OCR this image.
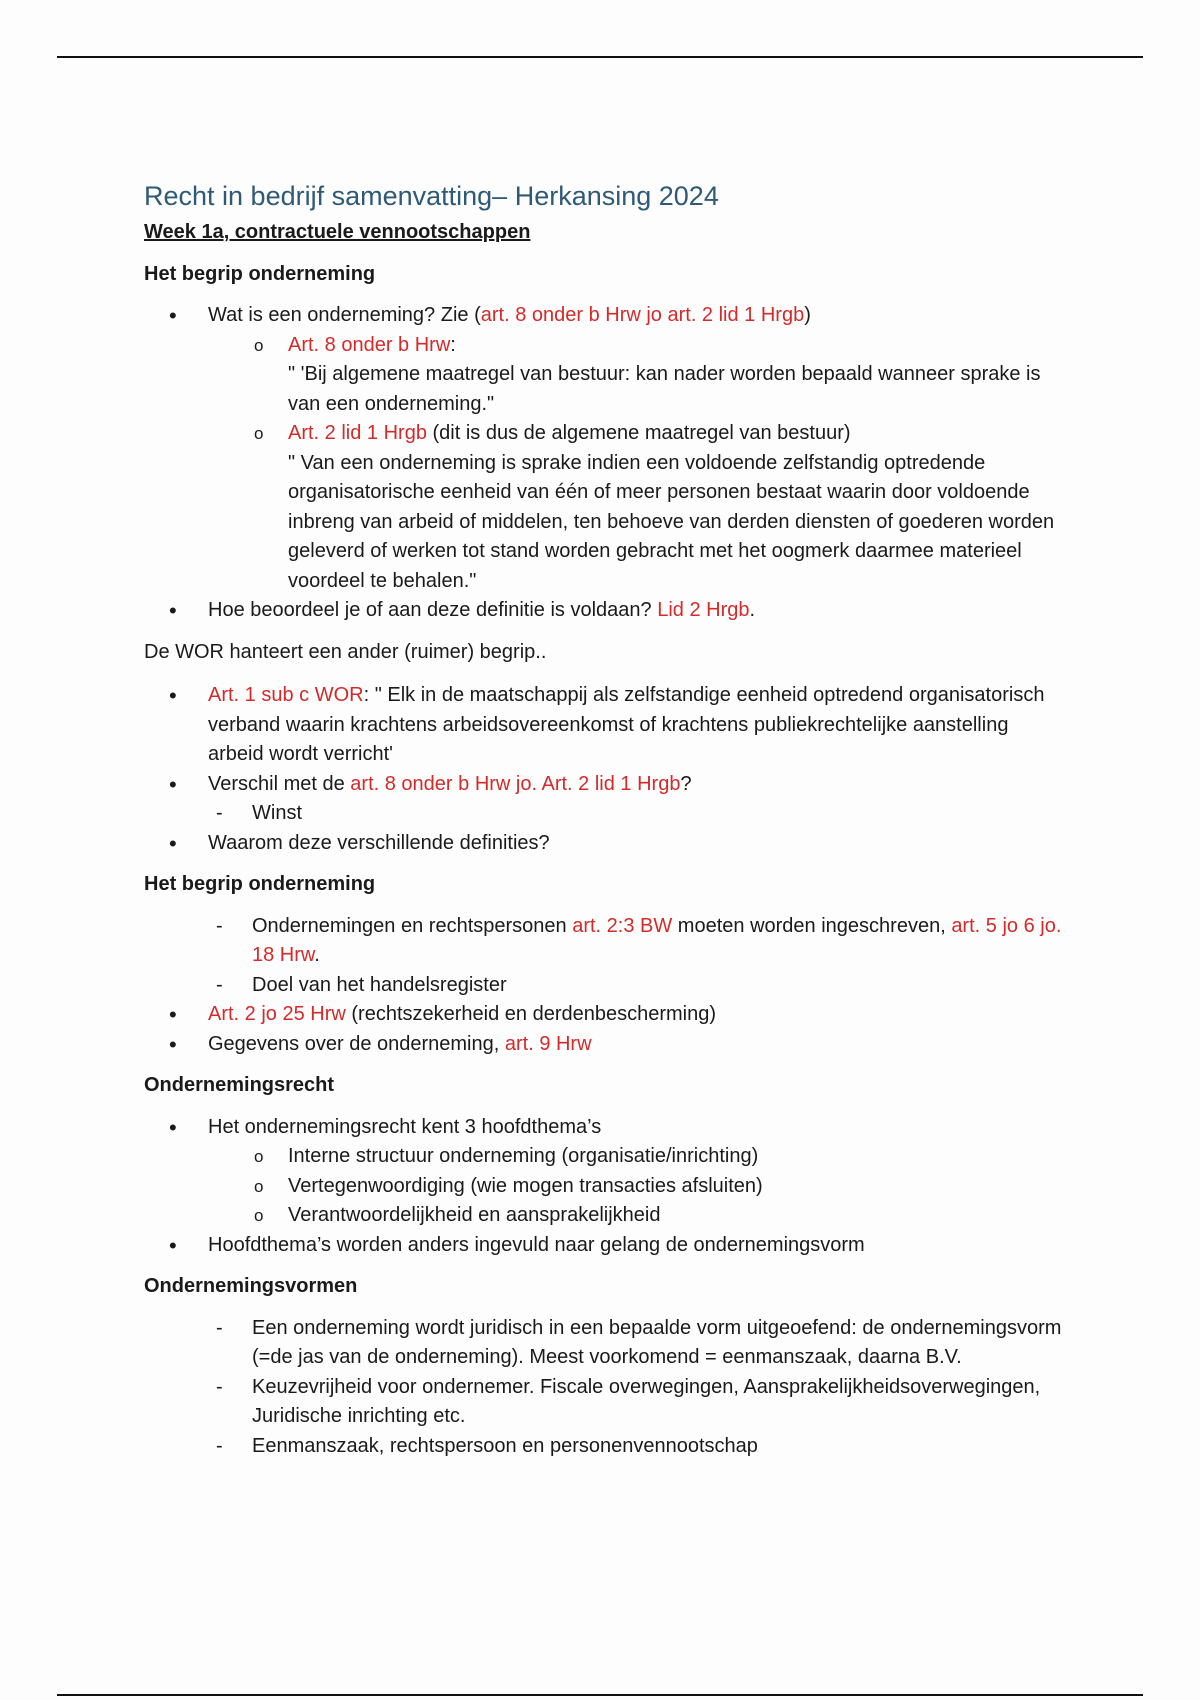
Recht in bedrijf samenvatting– Herkansing 2024
Week 1a, contractuele vennootschappen
Het begrip onderneming
• Wat is een onderneming? Zie (art. 8 onder b Hrw jo art. 2 lid 1 Hrgb)
o Art. 8 onder b Hrw:
" 'Bij algemene maatregel van bestuur: kan nader worden bepaald wanneer sprake is van een onderneming."
o Art. 2 lid 1 Hrgb (dit is dus de algemene maatregel van bestuur)
" Van een onderneming is sprake indien een voldoende zelfstandig optredende organisatorische eenheid van één of meer personen bestaat waarin door voldoende inbreng van arbeid of middelen, ten behoeve van derden diensten of goederen worden geleverd of werken tot stand worden gebracht met het oogmerk daarmee materieel voordeel te behalen."
• Hoe beoordeel je of aan deze definitie is voldaan? Lid 2 Hrgb.

De WOR hanteert een ander (ruimer) begrip..

• Art. 1 sub c WOR: " Elk in de maatschappij als zelfstandige eenheid optredend organisatorisch verband waarin krachtens arbeidsovereenkomst of krachtens publiekrechtelijke aanstelling arbeid wordt verricht'
• Verschil met de art. 8 onder b Hrw jo. Art. 2 lid 1 Hrgb?
- Winst
• Waarom deze verschillende definities?
Het begrip onderneming
- Ondernemingen en rechtspersonen art. 2:3 BW moeten worden ingeschreven, art. 5 jo 6 jo. 18 Hrw.
- Doel van het handelsregister
• Art. 2 jo 25 Hrw (rechtszekerheid en derdenbescherming)
• Gegevens over de onderneming, art. 9 Hrw
Ondernemingsrecht
• Het ondernemingsrecht kent 3 hoofdthema’s
o Interne structuur onderneming (organisatie/inrichting)
o Vertegenwoordiging (wie mogen transacties afsluiten)
o Verantwoordelijkheid en aansprakelijkheid
• Hoofdthema’s worden anders ingevuld naar gelang de ondernemingsvorm
Ondernemingsvormen
- Een onderneming wordt juridisch in een bepaalde vorm uitgeoefend: de ondernemingsvorm (=de jas van de onderneming). Meest voorkomend = eenmanszaak, daarna B.V.
- Keuzevrijheid voor ondernemer. Fiscale overwegingen, Aansprakelijkheidsoverwegingen, Juridische inrichting etc.
- Eenmanszaak, rechtspersoon en personenvennootschap
